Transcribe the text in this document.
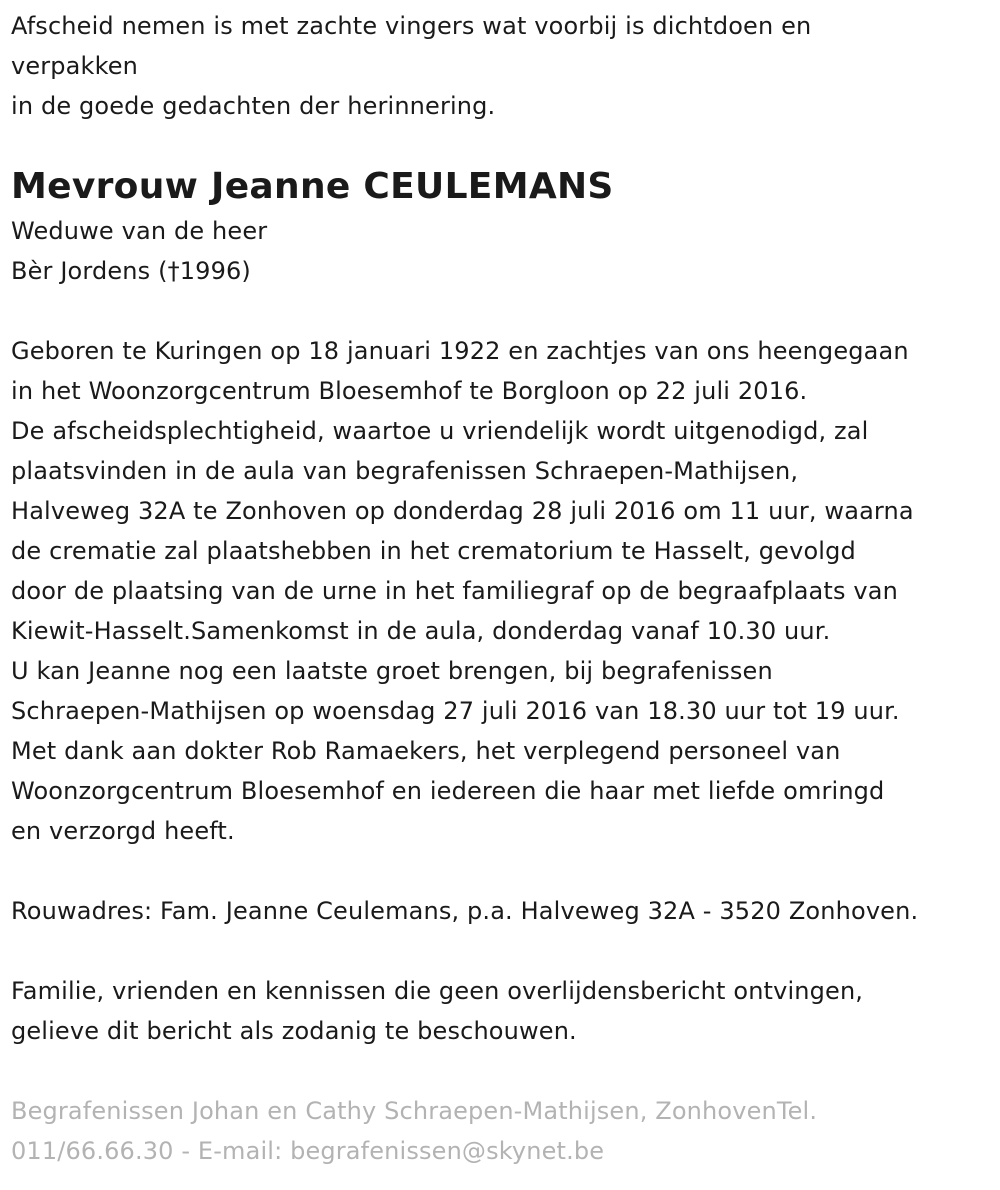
Afscheid nemen is met zachte vingers wat voorbij is dichtdoen en
verpakken
in de goede gedachten der herinnering.
Mevrouw Jeanne CEULEMANS
Weduwe van de heer
Bèr Jordens (†1996)
Geboren te Kuringen op 18 januari 1922 en zachtjes van ons heengegaan
in het Woonzorgcentrum Bloesemhof te Borgloon op 22 juli 2016.
De afscheidsplechtigheid, waartoe u vriendelijk wordt uitgenodigd, zal
plaatsvinden in de aula van begrafenissen Schraepen-Mathijsen,
Halveweg 32A te Zonhoven op donderdag 28 juli 2016 om 11 uur, waarna
de crematie zal plaatshebben in het crematorium te Hasselt, gevolgd
door de plaatsing van de urne in het familiegraf op de begraafplaats van
Kiewit-Hasselt.Samenkomst in de aula, donderdag vanaf 10.30 uur.
U kan Jeanne nog een laatste groet brengen, bij begrafenissen
Schraepen-Mathijsen op woensdag 27 juli 2016 van 18.30 uur tot 19 uur.
Met dank aan dokter Rob Ramaekers, het verplegend personeel van
Woonzorgcentrum Bloesemhof en iedereen die haar met liefde omringd
en verzorgd heeft.
Rouwadres: Fam. Jeanne Ceulemans, p.a. Halveweg 32A - 3520 Zonhoven.
Familie, vrienden en kennissen die geen overlijdensbericht ontvingen,
gelieve dit bericht als zodanig te beschouwen.
Begrafenissen Johan en Cathy Schraepen-Mathijsen, ZonhovenTel.
011/66.66.30 - E-mail: begrafenissen@skynet.be
